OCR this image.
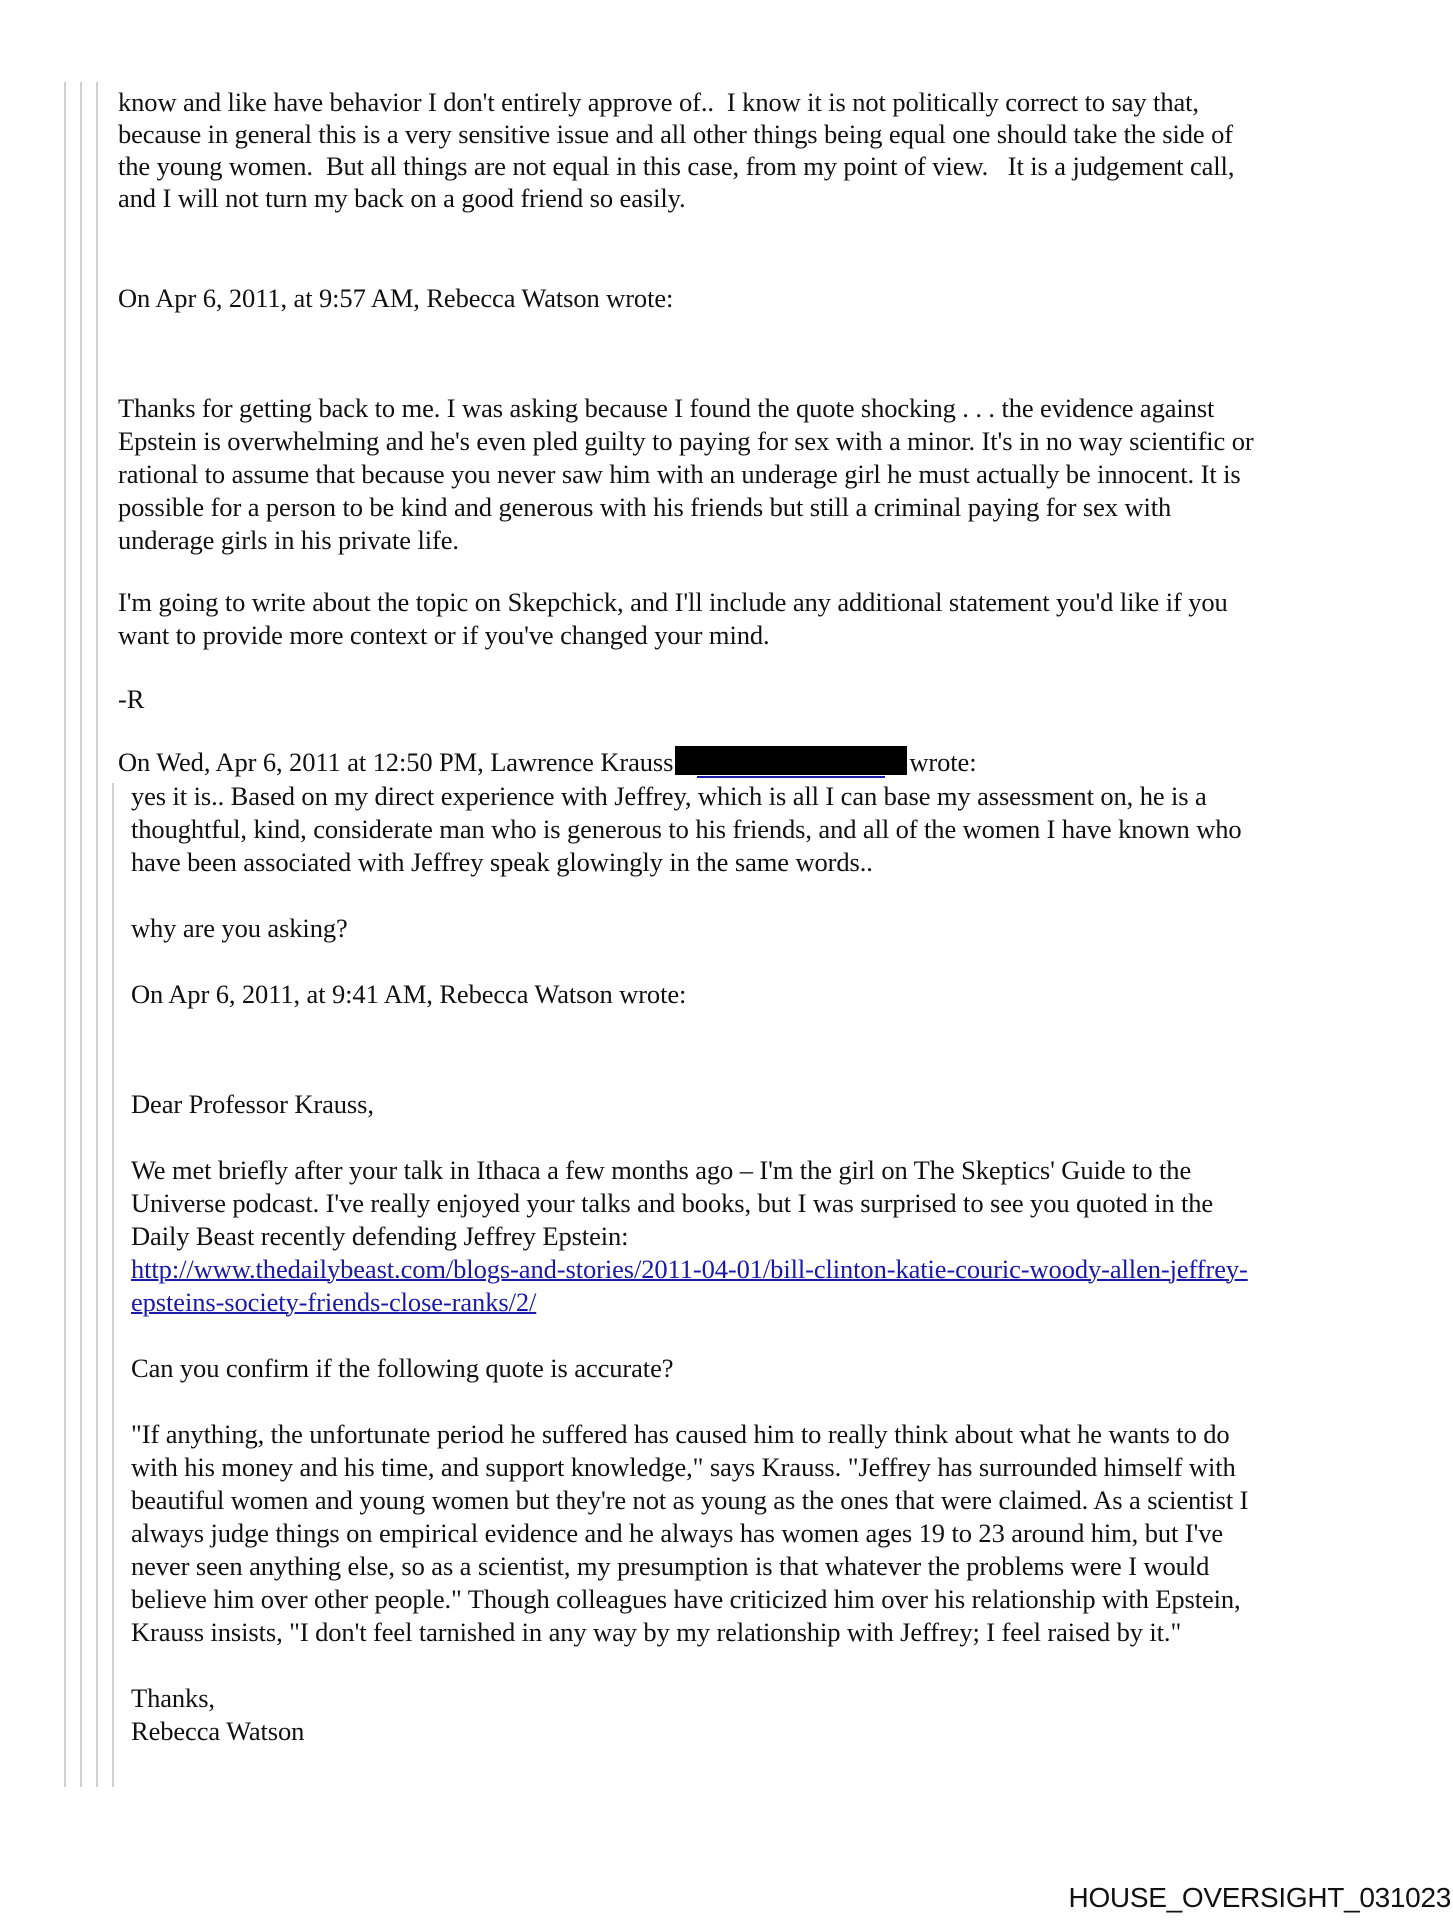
know and like have behavior I don't entirely approve of..  I know it is not politically correct to say that,
because in general this is a very sensitive issue and all other things being equal one should take the side of
the young women.  But all things are not equal in this case, from my point of view.   It is a judgement call,
and I will not turn my back on a good friend so easily.
On Apr 6, 2011, at 9:57 AM, Rebecca Watson wrote:
Thanks for getting back to me. I was asking because I found the quote shocking . . . the evidence against
Epstein is overwhelming and he's even pled guilty to paying for sex with a minor. It's in no way scientific or
rational to assume that because you never saw him with an underage girl he must actually be innocent. It is
possible for a person to be kind and generous with his friends but still a criminal paying for sex with
underage girls in his private life.
I'm going to write about the topic on Skepchick, and I'll include any additional statement you'd like if you
want to provide more context or if you've changed your mind.
-R
On Wed, Apr 6, 2011 at 12:50 PM, Lawrence Krauss	wrote:
yes it is.. Based on my direct experience with Jeffrey, which is all I can base my assessment on, he is a
thoughtful, kind, considerate man who is generous to his friends, and all of the women I have known who
have been associated with Jeffrey speak glowingly in the same words..
why are you asking?
On Apr 6, 2011, at 9:41 AM, Rebecca Watson wrote:
Dear Professor Krauss,
We met briefly after your talk in Ithaca a few months ago – I'm the girl on The Skeptics' Guide to the
Universe podcast. I've really enjoyed your talks and books, but I was surprised to see you quoted in the
Daily Beast recently defending Jeffrey Epstein:
http://www.thedailybeast.com/blogs-and-stories/2011-04-01/bill-clinton-katie-couric-woody-allen-jeffrey-
epsteins-society-friends-close-ranks/2/
Can you confirm if the following quote is accurate?
"If anything, the unfortunate period he suffered has caused him to really think about what he wants to do
with his money and his time, and support knowledge," says Krauss. "Jeffrey has surrounded himself with
beautiful women and young women but they're not as young as the ones that were claimed. As a scientist I
always judge things on empirical evidence and he always has women ages 19 to 23 around him, but I've
never seen anything else, so as a scientist, my presumption is that whatever the problems were I would
believe him over other people." Though colleagues have criticized him over his relationship with Epstein,
Krauss insists, "I don't feel tarnished in any way by my relationship with Jeffrey; I feel raised by it."
Thanks,
Rebecca Watson
HOUSE_OVERSIGHT_031023
